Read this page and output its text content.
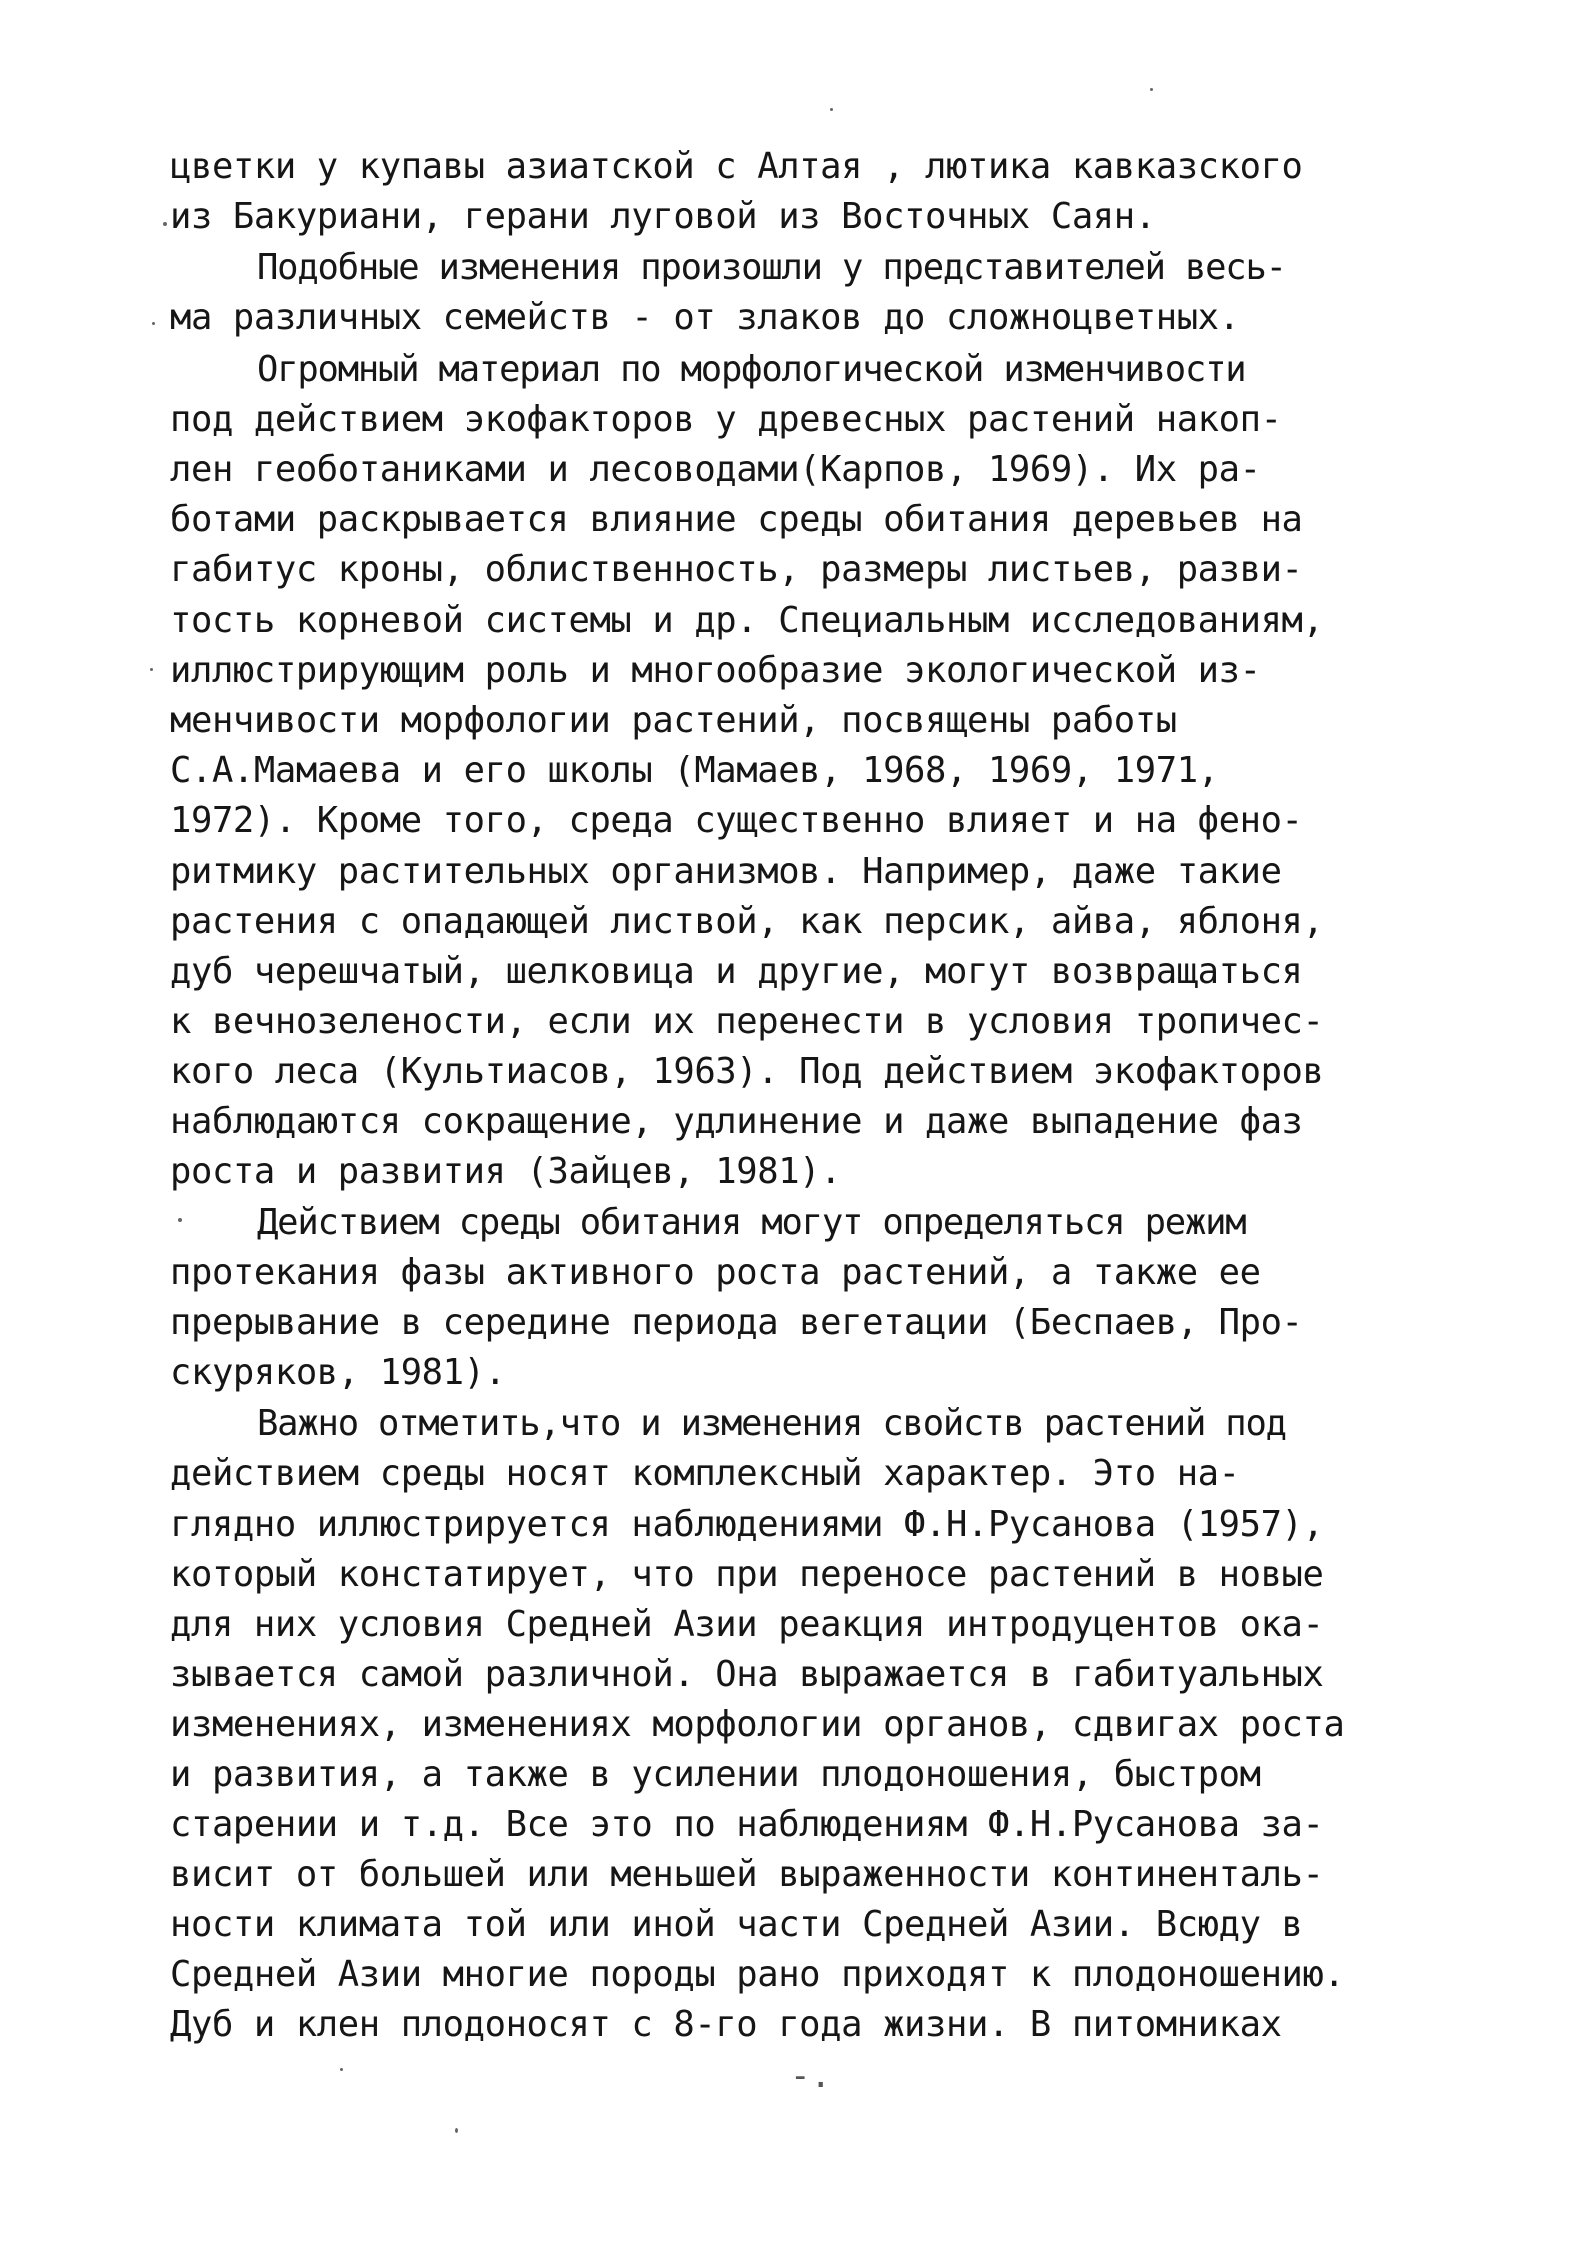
цветки у купавы азиатской с Алтая , лютика кавказского
из Бакуриани, герани луговой из Восточных Саян.
Подобные изменения произошли у представителей весь-
ма различных семейств - от злаков до сложноцветных.
Огромный материал по морфологической изменчивости
под действием экофакторов у древесных растений накоп-
лен геоботаниками и лесоводами(Карпов, 1969). Их ра-
ботами раскрывается влияние среды обитания деревьев на
габитус кроны, облиственность, размеры листьев, разви-
тость корневой системы и др. Специальным исследованиям,
иллюстрирующим роль и многообразие экологической из-
менчивости морфологии растений, посвящены работы
С.А.Мамаева и его школы (Мамаев, 1968, 1969, 1971,
1972). Кроме того, среда существенно влияет и на фено-
ритмику растительных организмов. Например, даже такие
растения с опадающей листвой, как персик, айва, яблоня,
дуб черешчатый, шелковица и другие, могут возвращаться
к вечнозелености, если их перенести в условия тропичес-
кого леса (Культиасов, 1963). Под действием экофакторов
наблюдаются сокращение, удлинение и даже выпадение фаз
роста и развития (Зайцев, 1981).
Действием среды обитания могут определяться режим
протекания фазы активного роста растений, а также ее
прерывание в середине периода вегетации (Беспаев, Про-
скуряков, 1981).
Важно отметить,что и изменения свойств растений под
действием среды носят комплексный характер. Это на-
глядно иллюстрируется наблюдениями Ф.Н.Русанова (1957),
который констатирует, что при переносе растений в новые
для них условия Средней Азии реакция интродуцентов ока-
зывается самой различной. Она выражается в габитуальных
изменениях, изменениях морфологии органов, сдвигах роста
и развития, а также в усилении плодоношения, быстром
старении и т.д. Все это по наблюдениям Ф.Н.Русанова за-
висит от большей или меньшей выраженности континенталь-
ности климата той или иной части Средней Азии. Всюду в
Средней Азии многие породы рано приходят к плодоношению.
Дуб и клен плодоносят с 8-го года жизни. В питомниках
-.
